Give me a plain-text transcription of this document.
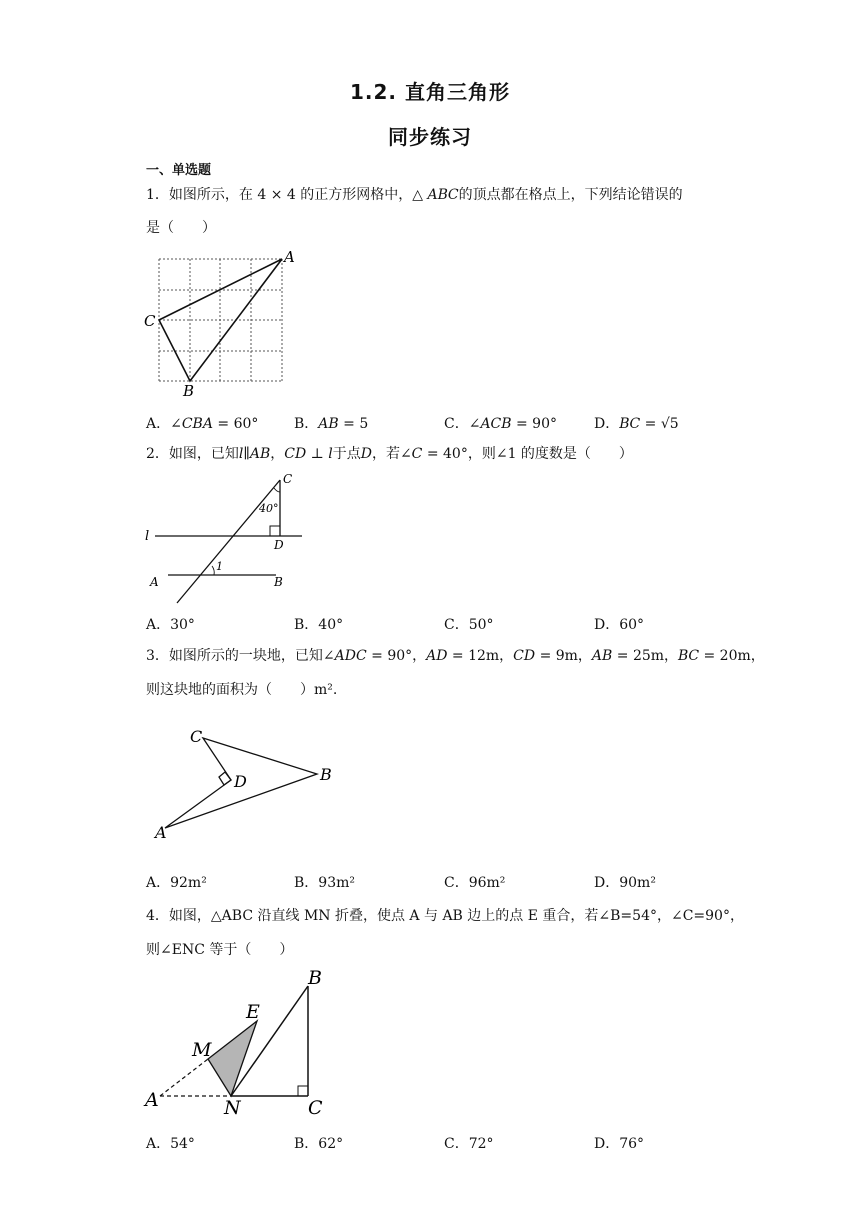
1.2. 直角三角形
同步练习
一、单选题
1．如图所示，在 4 × 4 的正方形网格中，△ 𝐴𝐵𝐶的顶点都在格点上，下列结论错误的
是（　　）
A
C
B
A．∠𝐶𝐵𝐴 = 60°	B．𝐴𝐵 = 5	C．∠𝐴𝐶𝐵 = 90°	D．𝐵𝐶 = √5
2．如图，已知𝑙∥𝐴𝐵，𝐶𝐷 ⊥ 𝑙于点𝐷，若∠𝐶 = 40°，则∠1 的度数是（　　）
C
40°
l
D
1
A	B
A．30°	B．40°	C．50°	D．60°
3．如图所示的一块地，已知∠𝐴𝐷𝐶 = 90°，𝐴𝐷 = 12m，𝐶𝐷 = 9m，𝐴𝐵 = 25m，𝐵𝐶 = 20m，
则这块地的面积为（　　）m².
C
D	B
A
A．92m²	B．93m²	C．96m²	D．90m²
4．如图，△ABC 沿直线 MN 折叠，使点 A 与 AB 边上的点 E 重合，若∠B=54°，∠C=90°，
则∠ENC 等于（　　）
B
E
M
A	N	C
A．54°	B．62°	C．72°	D．76°
